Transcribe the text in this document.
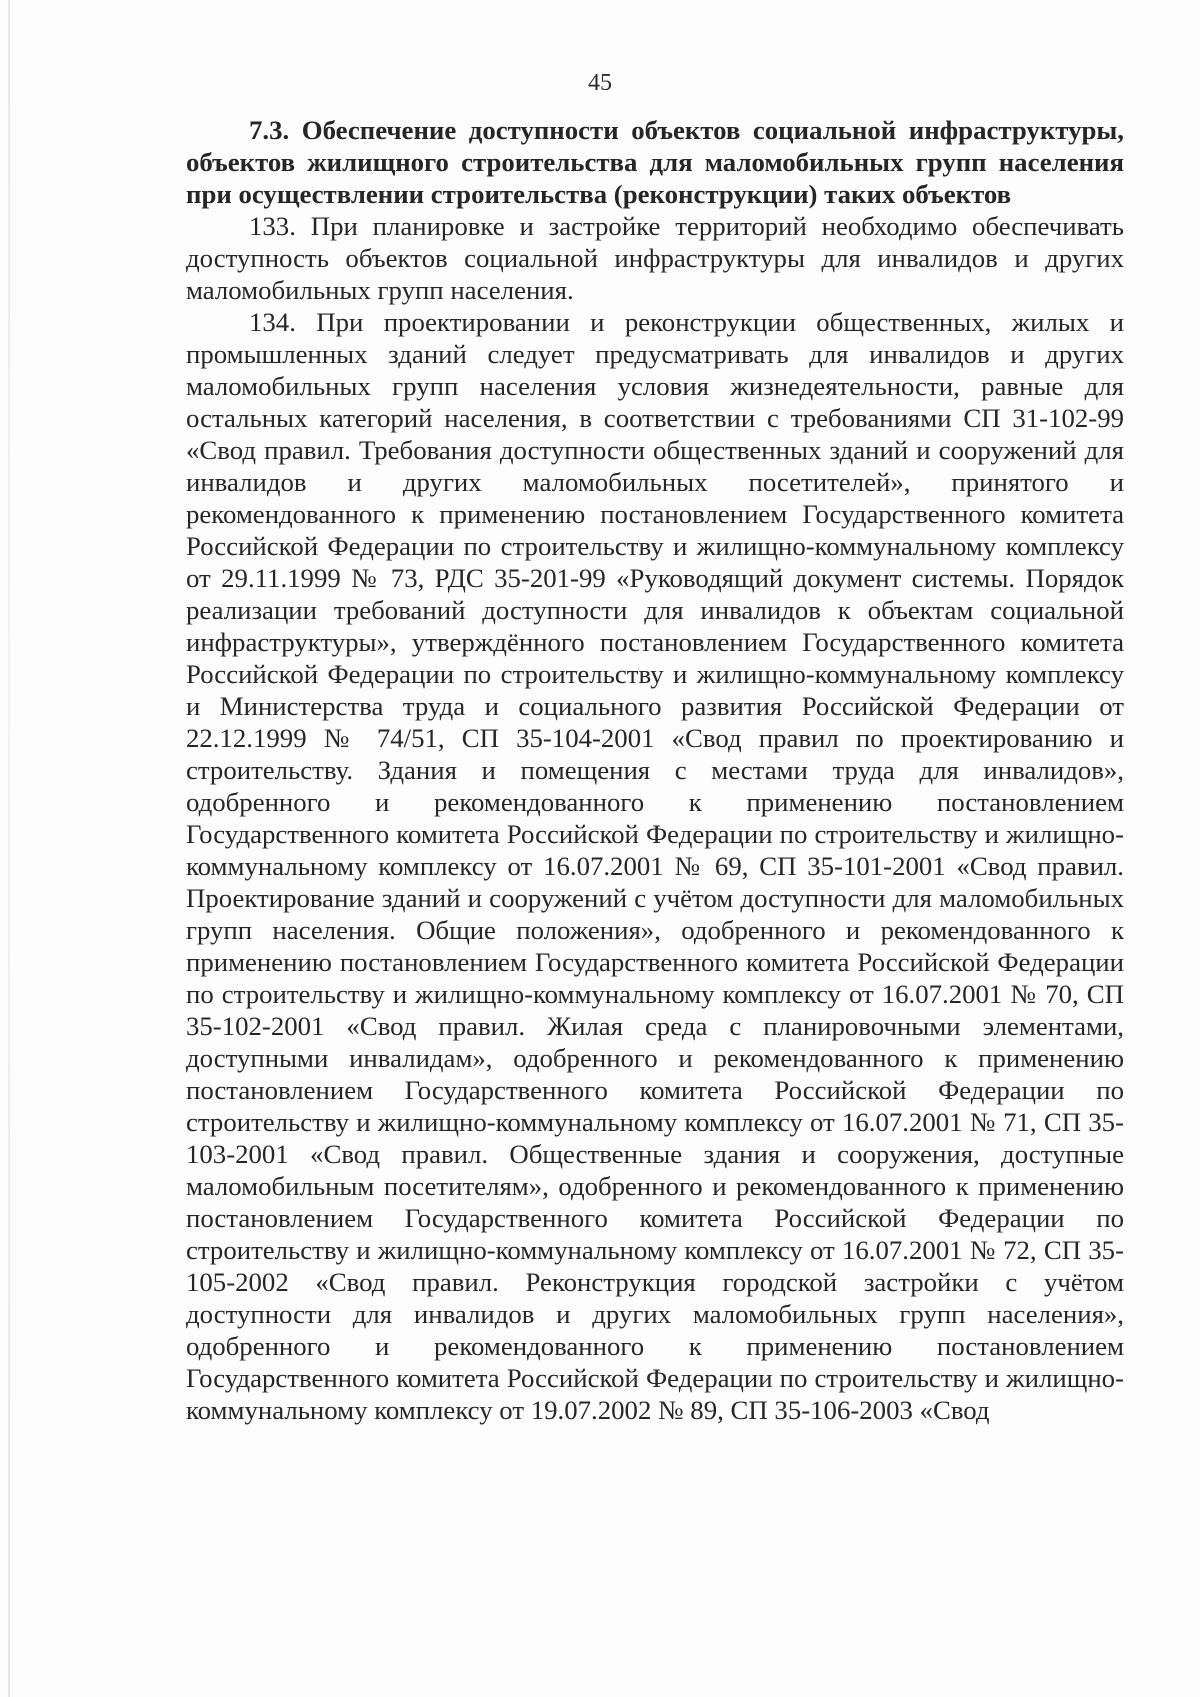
45

7.3. Обеспечение доступности объектов социальной инфраструктуры, объектов жилищного строительства для маломобильных групп населения при осуществлении строительства (реконструкции) таких объектов

133. При планировке и застройке территорий необходимо обеспечивать доступность объектов социальной инфраструктуры для инвалидов и других маломобильных групп населения.

134. При проектировании и реконструкции общественных, жилых и промышленных зданий следует предусматривать для инвалидов и других маломобильных групп населения условия жизнедеятельности, равные для остальных категорий населения, в соответствии с требованиями СП 31-102-99 «Свод правил. Требования доступности общественных зданий и сооружений для инвалидов и других маломобильных посетителей», принятого и рекомендованного к применению постановлением Государственного комитета Российской Федерации по строительству и жилищно-коммунальному комплексу от 29.11.1999 № 73, РДС 35-201-99 «Руководящий документ системы. Порядок реализации требований доступности для инвалидов к объектам социальной инфраструктуры», утверждённого постановлением Государственного комитета Российской Федерации по строительству и жилищно-коммунальному комплексу и Министерства труда и социального развития Российской Федерации от 22.12.1999 № 74/51, СП 35-104-2001 «Свод правил по проектированию и строительству. Здания и помещения с местами труда для инвалидов», одобренного и рекомендованного к применению постановлением Государственного комитета Российской Федерации по строительству и жилищно-коммунальному комплексу от 16.07.2001 № 69, СП 35-101-2001 «Свод правил. Проектирование зданий и сооружений с учётом доступности для маломобильных групп населения. Общие положения», одобренного и рекомендованного к применению постановлением Государственного комитета Российской Федерации по строительству и жилищно-коммунальному комплексу от 16.07.2001 № 70, СП 35-102-2001 «Свод правил. Жилая среда с планировочными элементами, доступными инвалидам», одобренного и рекомендованного к применению постановлением Государственного комитета Российской Федерации по строительству и жилищно-коммунальному комплексу от 16.07.2001 № 71, СП 35-103-2001 «Свод правил. Общественные здания и сооружения, доступные маломобильным посетителям», одобренного и рекомендованного к применению постановлением Государственного комитета Российской Федерации по строительству и жилищно-коммунальному комплексу от 16.07.2001 № 72, СП 35-105-2002 «Свод правил. Реконструкция городской застройки с учётом доступности для инвалидов и других маломобильных групп населения», одобренного и рекомендованного к применению постановлением Государственного комитета Российской Федерации по строительству и жилищно-коммунальному комплексу от 19.07.2002 № 89, СП 35-106-2003 «Свод
